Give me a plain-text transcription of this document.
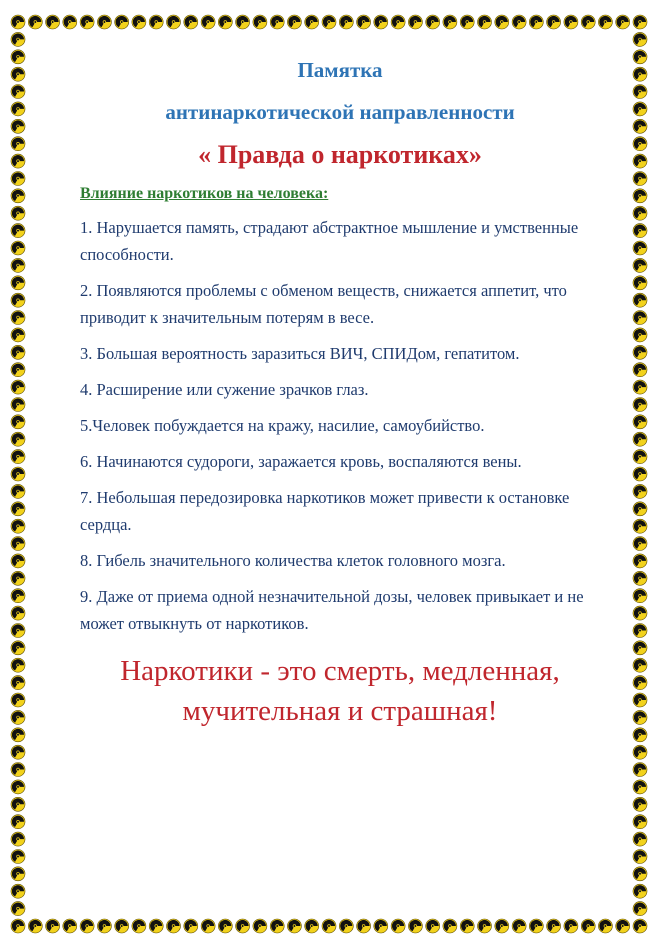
Памятка

антинаркотической направленности

« Правда о наркотиках»

Влияние наркотиков на человека:

1. Нарушается память, страдают абстрактное мышление и умственные способности.

2. Появляются проблемы с обменом веществ, снижается аппетит, что приводит к значительным потерям в весе.

3. Большая вероятность заразиться ВИЧ, СПИДом, гепатитом.

4. Расширение или сужение зрачков глаз.

5.Человек побуждается на кражу, насилие, самоубийство.

6. Начинаются судороги, заражается кровь, воспаляются вены.

7. Небольшая передозировка наркотиков может привести к остановке сердца.

8. Гибель значительного количества клеток головного мозга.

9. Даже от приема одной незначительной дозы, человек привыкает и не может отвыкнуть от наркотиков.

Наркотики - это смерть, медленная,
мучительная и страшная!
